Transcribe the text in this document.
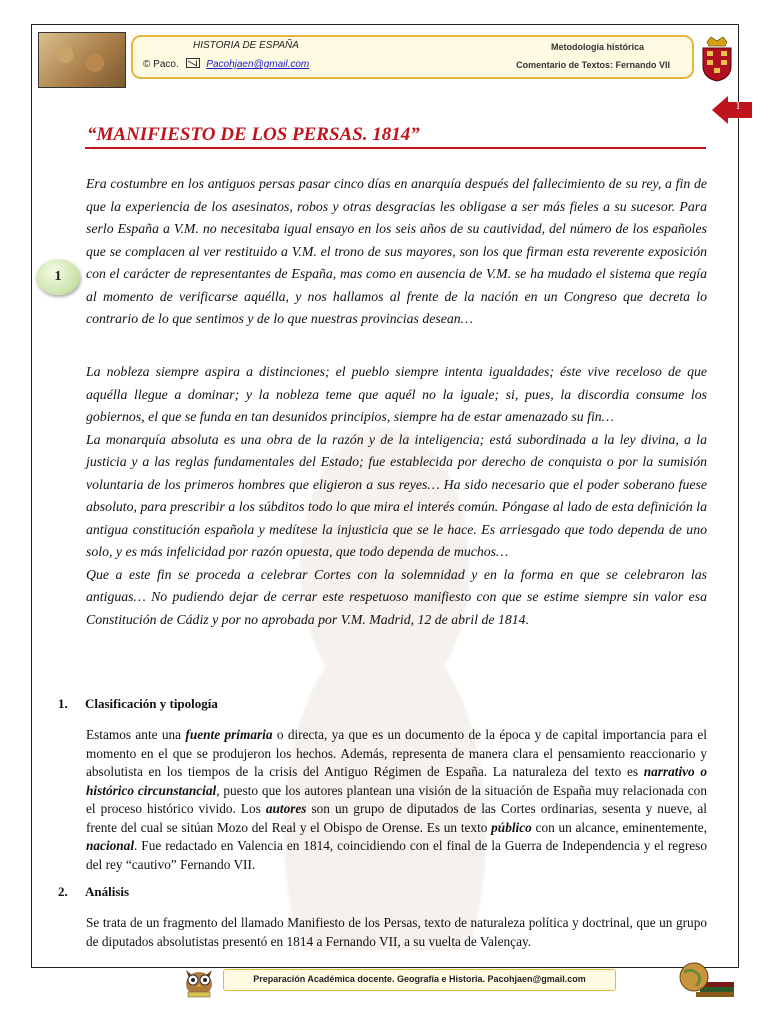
HISTORIA DE ESPAÑA
© Paco.	Pacohjaen@gmail.com
Metodología histórica
Comentario de Textos: Fernando VII
1
“MANIFIESTO DE LOS PERSAS. 1814”
1

Era costumbre en los antiguos persas pasar cinco días en anarquía después del fallecimiento de su rey, a fin de que la experiencia de los asesinatos, robos y otras desgracias les obligase a ser más fieles a su sucesor. Para serlo España a V.M. no necesitaba igual ensayo en los seis años de su cautividad, del número de los españoles que se complacen al ver restituido a V.M. el trono de sus mayores, son los que firman esta reverente exposición con el carácter de representantes de España, mas como en ausencia de V.M. se ha mudado el sistema que regía al momento de verificarse aquélla, y nos hallamos al frente de la nación en un Congreso que decreta lo contrario de lo que sentimos y de lo que nuestras provincias desean…

La nobleza siempre aspira a distinciones; el pueblo siempre intenta igualdades; éste vive receloso de que aquélla llegue a dominar; y la nobleza teme que aquél no la iguale; si, pues, la discordia consume los gobiernos, el que se funda en tan desunidos principios, siempre ha de estar amenazado su fin…

La monarquía absoluta es una obra de la razón y de la inteligencia; está subordinada a la ley divina, a la justicia y a las reglas fundamentales del Estado; fue establecida por derecho de conquista o por la sumisión voluntaria de los primeros hombres que eligieron a sus reyes… Ha sido necesario que el poder soberano fuese absoluto, para prescribir a los súbditos todo lo que mira el interés común. Póngase al lado de esta definición la antigua constitución española y medítese la injusticia que se le hace. Es arriesgado que todo dependa de uno solo, y es más infelicidad por razón opuesta, que todo dependa de muchos…

Que a este fin se proceda a celebrar Cortes con la solemnidad y en la forma en que se celebraron las antiguas… No pudiendo dejar de cerrar este respetuoso manifiesto con que se estime siempre sin valor esa Constitución de Cádiz y por no aprobada por V.M. Madrid, 12 de abril de 1814.

1. Clasificación y tipología

Estamos ante una fuente primaria o directa, ya que es un documento de la época y de capital importancia para el momento en el que se produjeron los hechos. Además, representa de manera clara el pensamiento reaccionario y absolutista en los tiempos de la crisis del Antiguo Régimen de España. La naturaleza del texto es narrativo o histórico circunstancial, puesto que los autores plantean una visión de la situación de España muy relacionada con el proceso histórico vivido. Los autores son un grupo de diputados de las Cortes ordinarias, sesenta y nueve, al frente del cual se sitúan Mozo del Real y el Obispo de Orense. Es un texto público con un alcance, eminentemente, nacional. Fue redactado en Valencia en 1814, coincidiendo con el final de la Guerra de Independencia y el regreso del rey “cautivo” Fernando VII.

2. Análisis

Se trata de un fragmento del llamado Manifiesto de los Persas, texto de naturaleza política y doctrinal, que un grupo de diputados absolutistas presentó en 1814 a Fernando VII, a su vuelta de Valençay.

Preparación Académica docente. Geografía e Historia. Pacohjaen@gmail.com
